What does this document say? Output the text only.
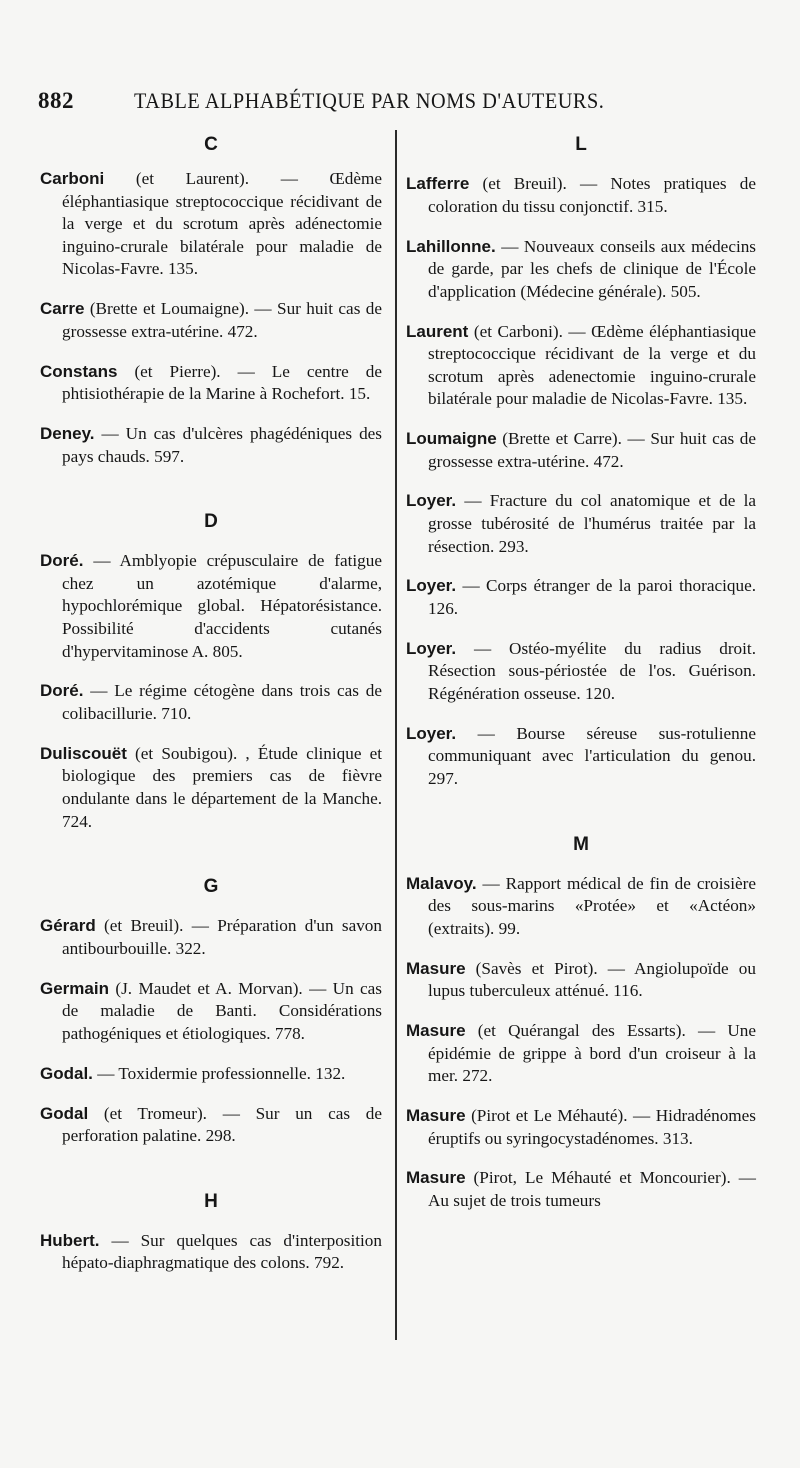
882	TABLE ALPHABÉTIQUE PAR NOMS D'AUTEURS.
C

Carboni (et Laurent). — Œdème éléphantiasique streptococcique récidivant de la verge et du scrotum après adénectomie inguino-crurale bilatérale pour maladie de Nicolas-Favre. 135.

Carre (Brette et Loumaigne). — Sur huit cas de grossesse extra-utérine. 472.

Constans (et Pierre). — Le centre de phtisiothérapie de la Marine à Rochefort. 15.

Deney. — Un cas d'ulcères phagédéniques des pays chauds. 597.

D

Doré. — Amblyopie crépusculaire de fatigue chez un azotémique d'alarme, hypochlorémique global. Hépatorésistance. Possibilité d'accidents cutanés d'hypervitaminose A. 805.

Doré. — Le régime cétogène dans trois cas de colibacillurie. 710.

Duliscouët (et Soubigou). , Étude clinique et biologique des premiers cas de fièvre ondulante dans le département de la Manche. 724.

G

Gérard (et Breuil). — Préparation d'un savon antibourbouille. 322.

Germain (J. Maudet et A. Morvan). — Un cas de maladie de Banti. Considérations pathogéniques et étiologiques. 778.

Godal. — Toxidermie professionnelle. 132.

Godal (et Tromeur). — Sur un cas de perforation palatine. 298.

H

Hubert. — Sur quelques cas d'interposition hépato-diaphragmatique des colons. 792.

L

Lafferre (et Breuil). — Notes pratiques de coloration du tissu conjonctif. 315.

Lahillonne. — Nouveaux conseils aux médecins de garde, par les chefs de clinique de l'École d'application (Médecine générale). 505.

Laurent (et Carboni). — Œdème éléphantiasique streptococcique récidivant de la verge et du scrotum après adenectomie inguino-crurale bilatérale pour maladie de Nicolas-Favre. 135.

Loumaigne (Brette et Carre). — Sur huit cas de grossesse extra-utérine. 472.

Loyer. — Fracture du col anatomique et de la grosse tubérosité de l'humérus traitée par la résection. 293.

Loyer. — Corps étranger de la paroi thoracique. 126.

Loyer. — Ostéo-myélite du radius droit. Résection sous-périostée de l'os. Guérison. Régénération osseuse. 120.

Loyer. — Bourse séreuse sus-rotulienne communiquant avec l'articulation du genou. 297.

M

Malavoy. — Rapport médical de fin de croisière des sous-marins «Protée» et «Actéon» (extraits). 99.

Masure (Savès et Pirot). — Angiolupoïde ou lupus tuberculeux atténué. 116.

Masure (et Quérangal des Essarts). — Une épidémie de grippe à bord d'un croiseur à la mer. 272.

Masure (Pirot et Le Méhauté). — Hidradénomes éruptifs ou syringocystadénomes. 313.

Masure (Pirot, Le Méhauté et Moncourier). — Au sujet de trois tumeurs
